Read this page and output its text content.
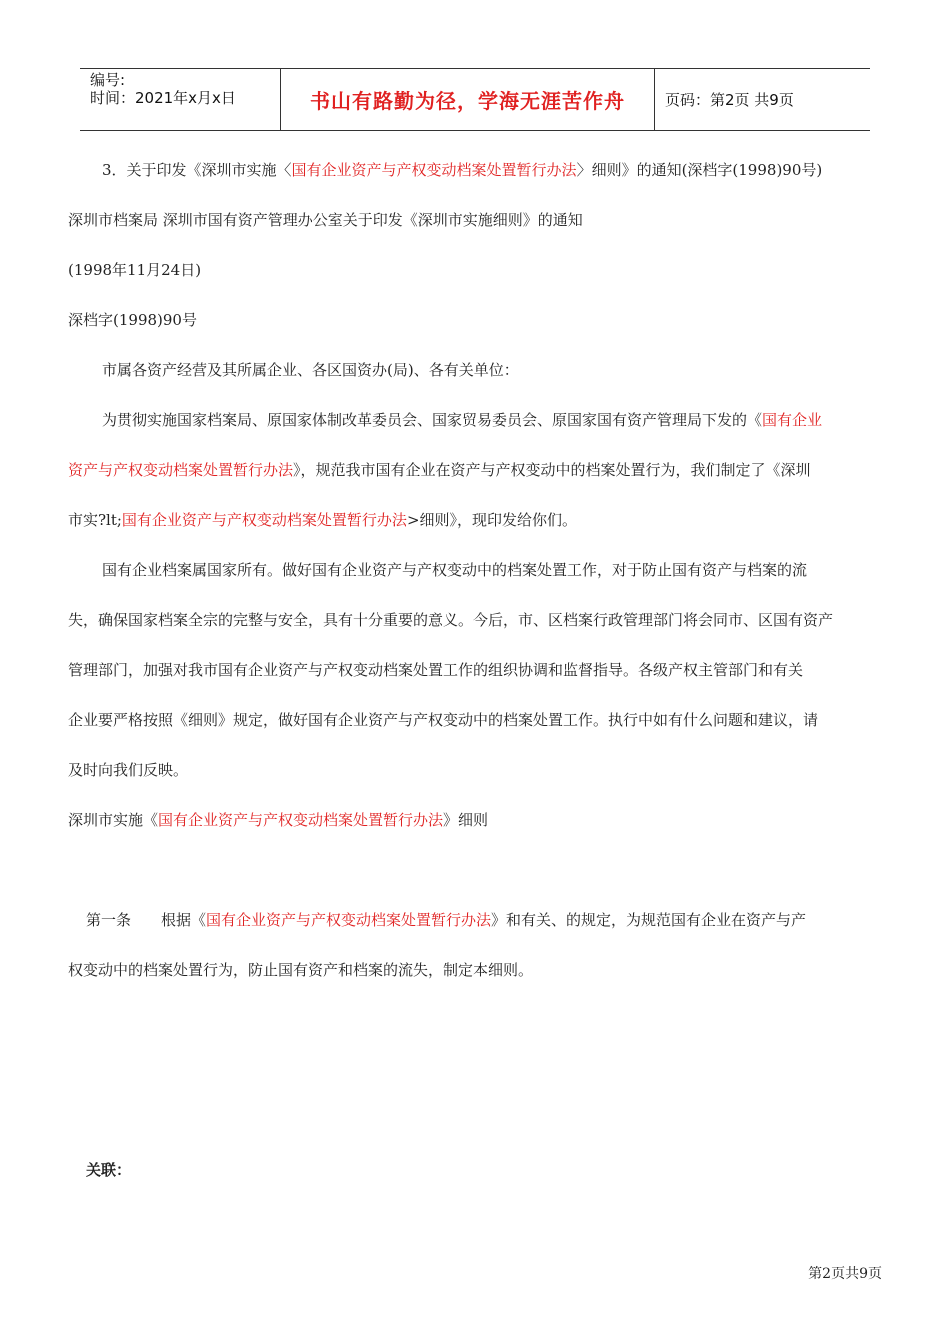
编号:
时间：2021年x月x日	书山有路勤为径，学海无涯苦作舟	页码：第2页 共9页

3．关于印发《深圳市实施〈国有企业资产与产权变动档案处置暂行办法〉细则》的通知(深档字(1998)90号)

深圳市档案局 深圳市国有资产管理办公室关于印发《深圳市实施细则》的通知

(1998年11月24日)

深档字(1998)90号

市属各资产经营及其所属企业、各区国资办(局)、各有关单位：

为贯彻实施国家档案局、原国家体制改革委员会、国家贸易委员会、原国家国有资产管理局下发的《国有企业

资产与产权变动档案处置暂行办法》，规范我市国有企业在资产与产权变动中的档案处置行为，我们制定了《深圳

市实?lt;国有企业资产与产权变动档案处置暂行办法>细则》，现印发给你们。

国有企业档案属国家所有。做好国有企业资产与产权变动中的档案处置工作，对于防止国有资产与档案的流

失，确保国家档案全宗的完整与安全，具有十分重要的意义。今后，市、区档案行政管理部门将会同市、区国有资产

管理部门，加强对我市国有企业资产与产权变动档案处置工作的组织协调和监督指导。各级产权主管部门和有关

企业要严格按照《细则》规定，做好国有企业资产与产权变动中的档案处置工作。执行中如有什么问题和建议，请

及时向我们反映。

深圳市实施《国有企业资产与产权变动档案处置暂行办法》细则

第一条　　根据《国有企业资产与产权变动档案处置暂行办法》和有关、的规定，为规范国有企业在资产与产

权变动中的档案处置行为，防止国有资产和档案的流失，制定本细则。

关联：

第2页共9页
